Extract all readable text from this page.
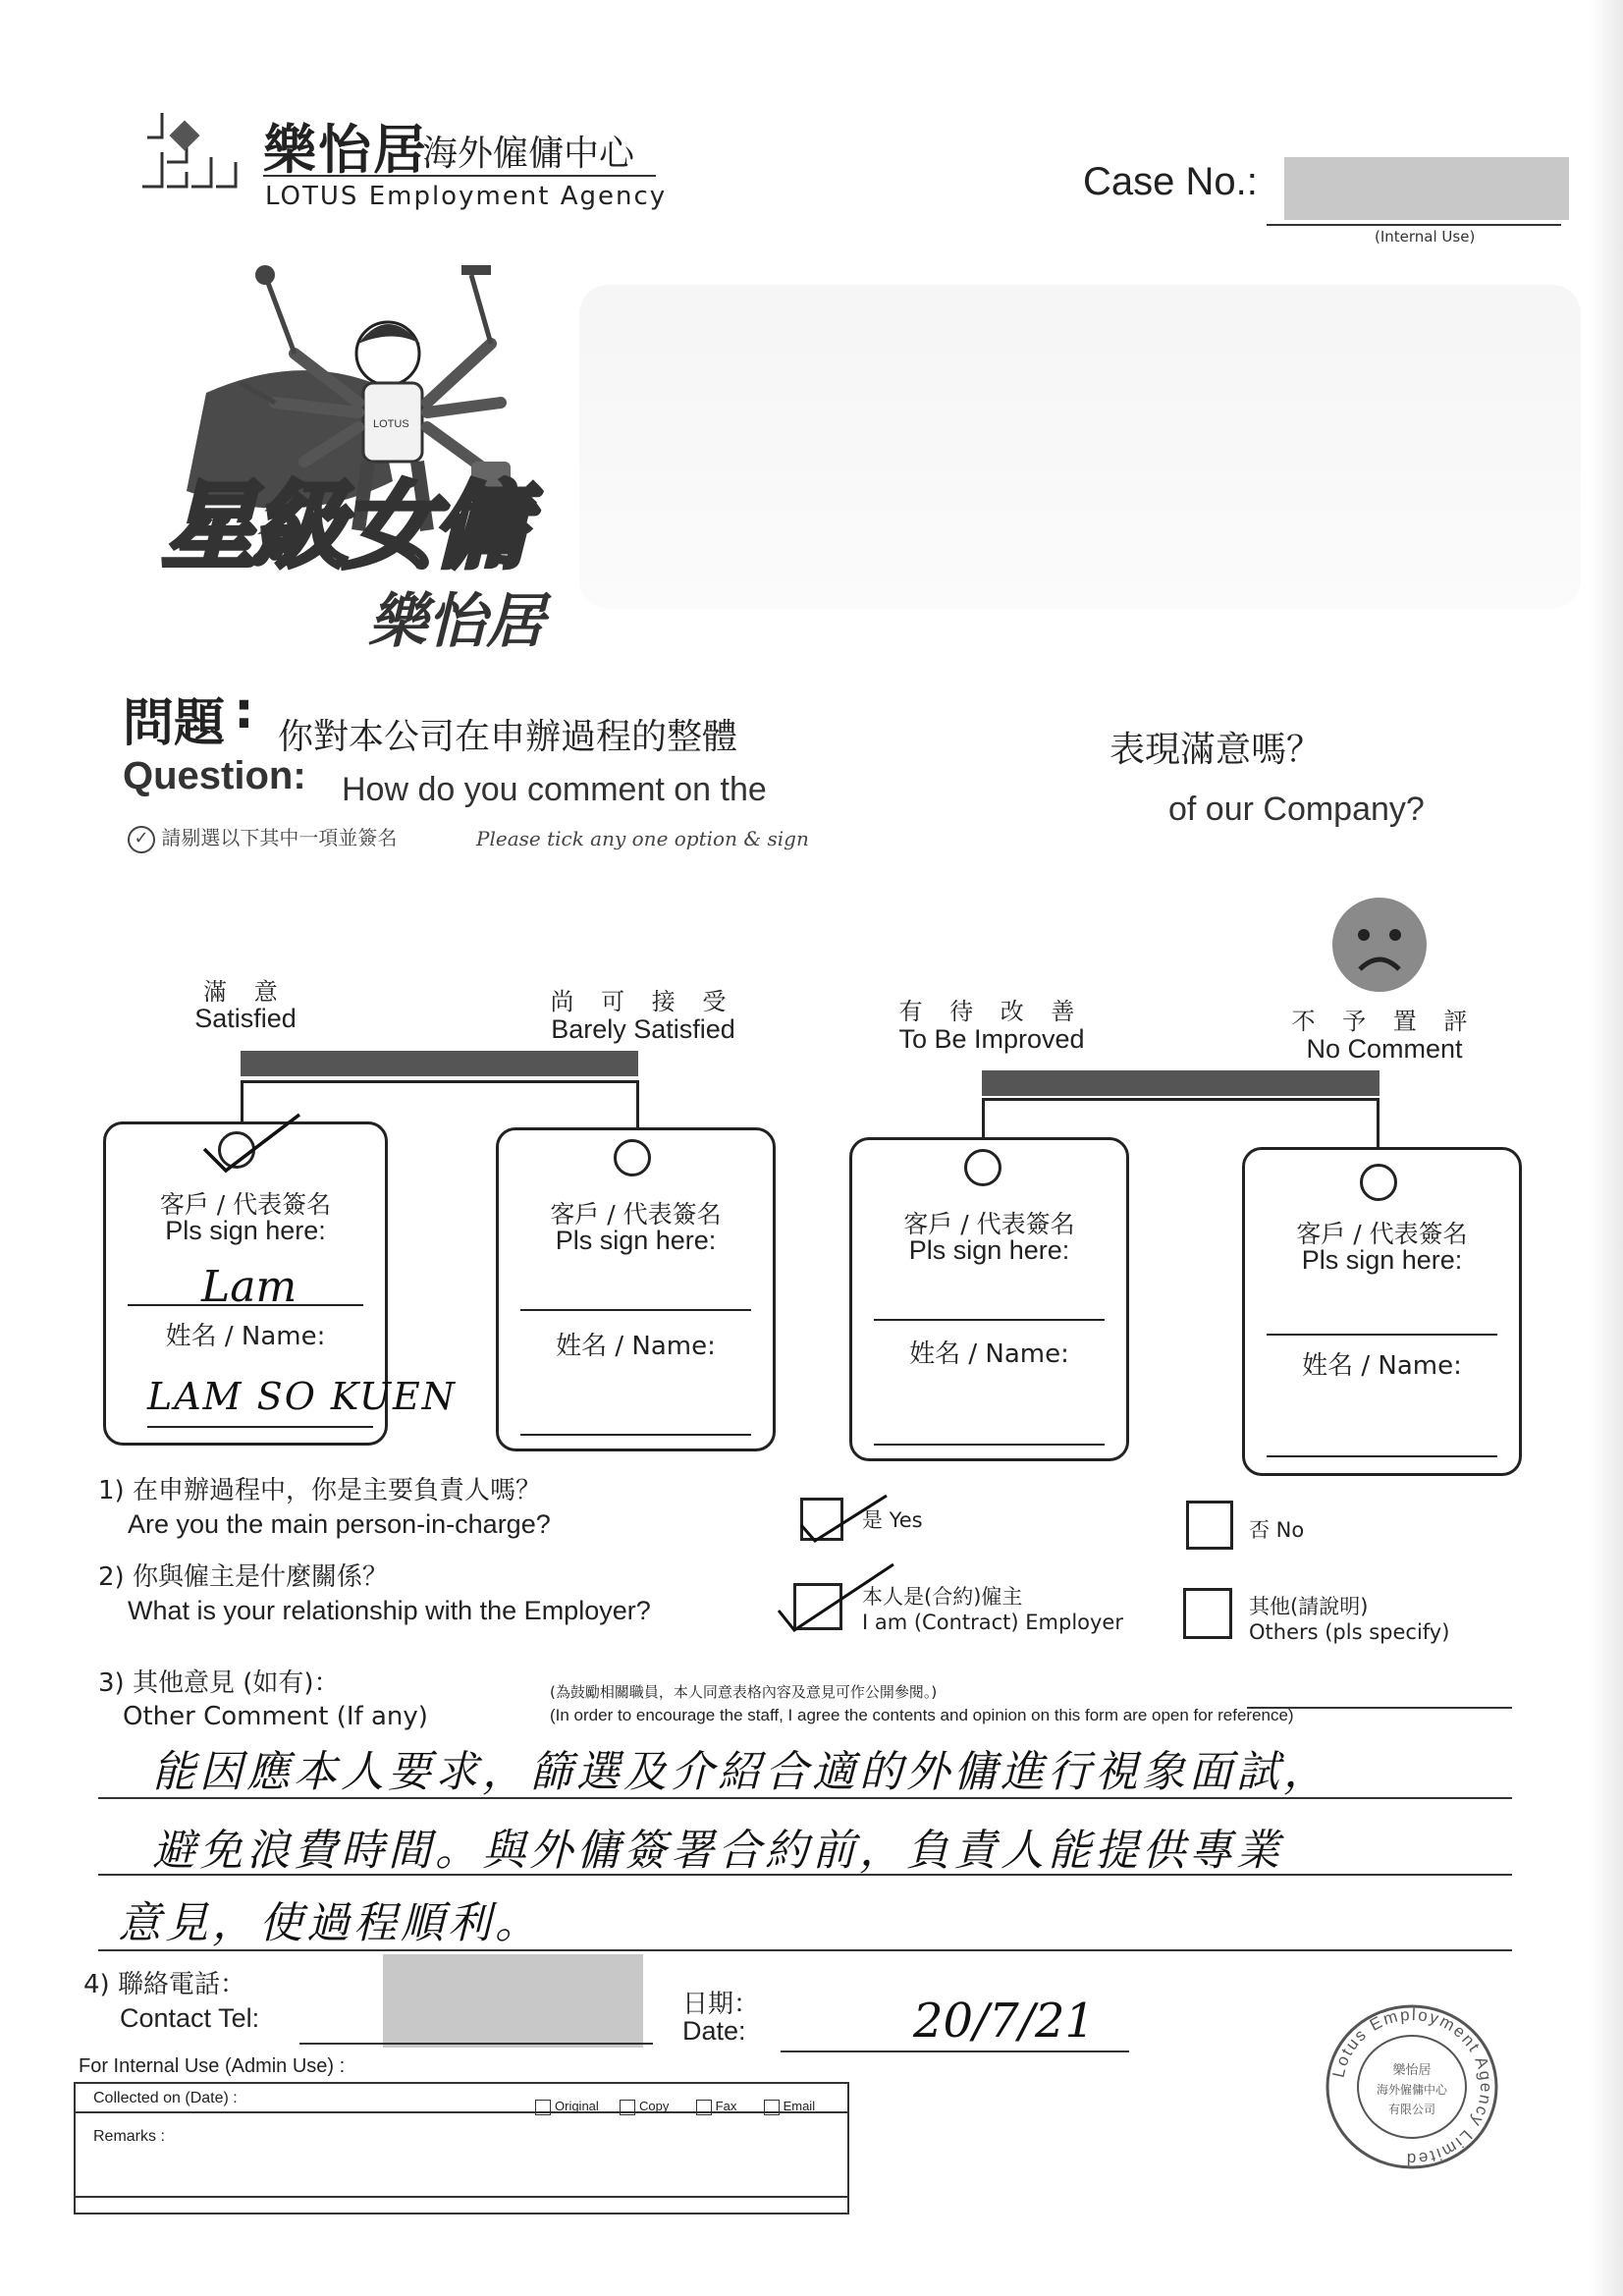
樂怡居
海外僱傭中心
LOTUS Employment Agency	Case No.:
(Internal Use)
LOTUS
星級女傭
樂怡居
問題 : 你對本公司在申辦過程的整體	表現滿意嗎？
Question: How do you comment on the
of our Company?
✓ 請剔選以下其中一項並簽名	Please tick any one option & sign
滿 意
Satisfied
尚 可 接 受
Barely Satisfied
有 待 改 善
To Be Improved
不 予 置 評
No Comment
客戶 / 代表簽名
Pls sign here:
Lam
姓名 / Name:
LAM SO KUEN
客戶 / 代表簽名
Pls sign here:
姓名 / Name:
客戶 / 代表簽名
Pls sign here:
姓名 / Name:
客戶 / 代表簽名
Pls sign here:
姓名 / Name:
1) 在申辦過程中，你是主要負責人嗎？
Are you the main person-in-charge?	是 Yes	否 No
2) 你與僱主是什麼關係？
What is your relationship with the Employer?	本人是(合約)僱主
I am (Contract) Employer
其他(請說明)
Others (pls specify)
3) 其他意見 (如有)：
Other Comment (If any)
(為鼓勵相關職員，本人同意表格內容及意見可作公開參閱。)
(In order to encourage the staff, I agree the contents and opinion on this form are open for reference)
能因應本人要求，篩選及介紹合適的外傭進行視象面試，
避免浪費時間。與外傭簽署合約前，負責人能提供專業
意見，使過程順利。
4) 聯絡電話：
Contact Tel:	日期：
Date:	20/7/21
For Internal Use (Admin Use) :
Collected on (Date) :	Original	Copy	Fax	Email
Remarks :
Lotus Employment Agency Limited
樂怡居
海外僱傭中心
有限公司
